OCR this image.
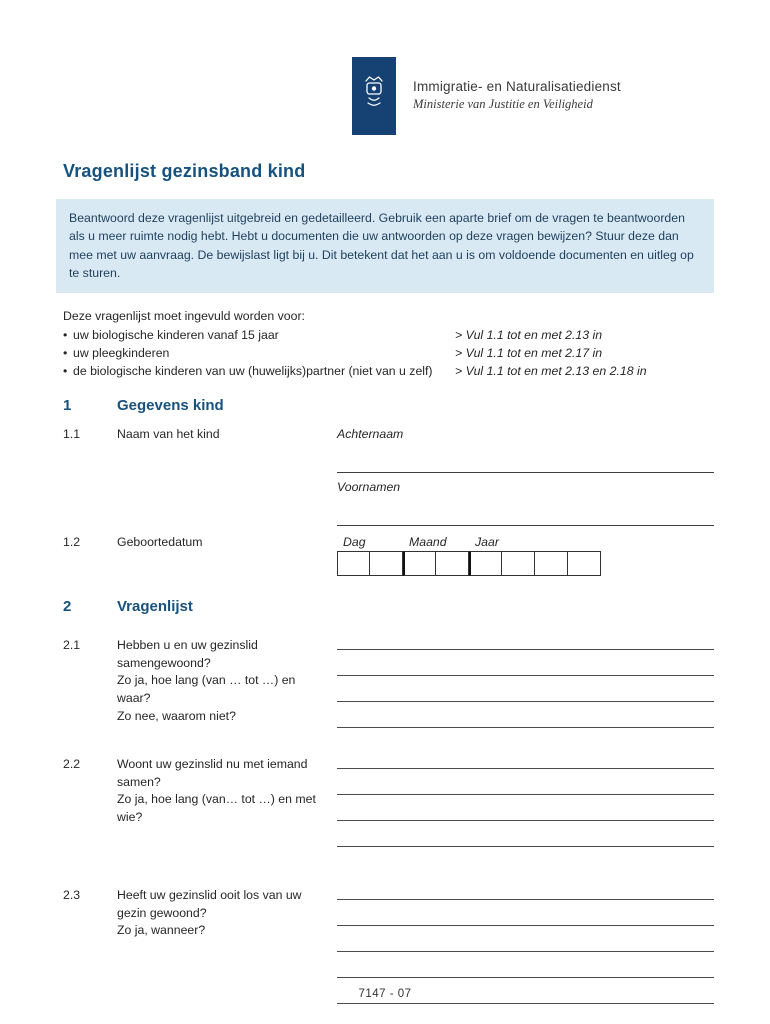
Immigratie- en Naturalisatiedienst
Ministerie van Justitie en Veiligheid
Vragenlijst gezinsband kind

Beantwoord deze vragenlijst uitgebreid en gedetailleerd. Gebruik een aparte brief om de vragen te beantwoorden als u meer ruimte nodig hebt. Hebt u documenten die uw antwoorden op deze vragen bewijzen? Stuur deze dan mee met uw aanvraag. De bewijslast ligt bij u. Dit betekent dat het aan u is om voldoende documenten en uitleg op te sturen.

Deze vragenlijst moet ingevuld worden voor:
• uw biologische kinderen vanaf 15 jaar	> Vul 1.1 tot en met 2.13 in
• uw pleegkinderen	> Vul 1.1 tot en met 2.17 in
• de biologische kinderen van uw (huwelijks)partner (niet van u zelf)	> Vul 1.1 tot en met 2.13 en 2.18 in
1	Gegevens kind
1.1	Naam van het kind	Achternaam
Voornamen
1.2	Geboortedatum	Dag	Maand	Jaar
2	Vragenlijst
2.1	Hebben u en uw gezinslid samengewoond?
Zo ja, hoe lang (van … tot …) en waar?
Zo nee, waarom niet?
2.2	Woont uw gezinslid nu met iemand samen?
Zo ja, hoe lang (van… tot …) en met wie?
2.3	Heeft uw gezinslid ooit los van uw gezin gewoond?
Zo ja, wanneer?
7147 - 07
